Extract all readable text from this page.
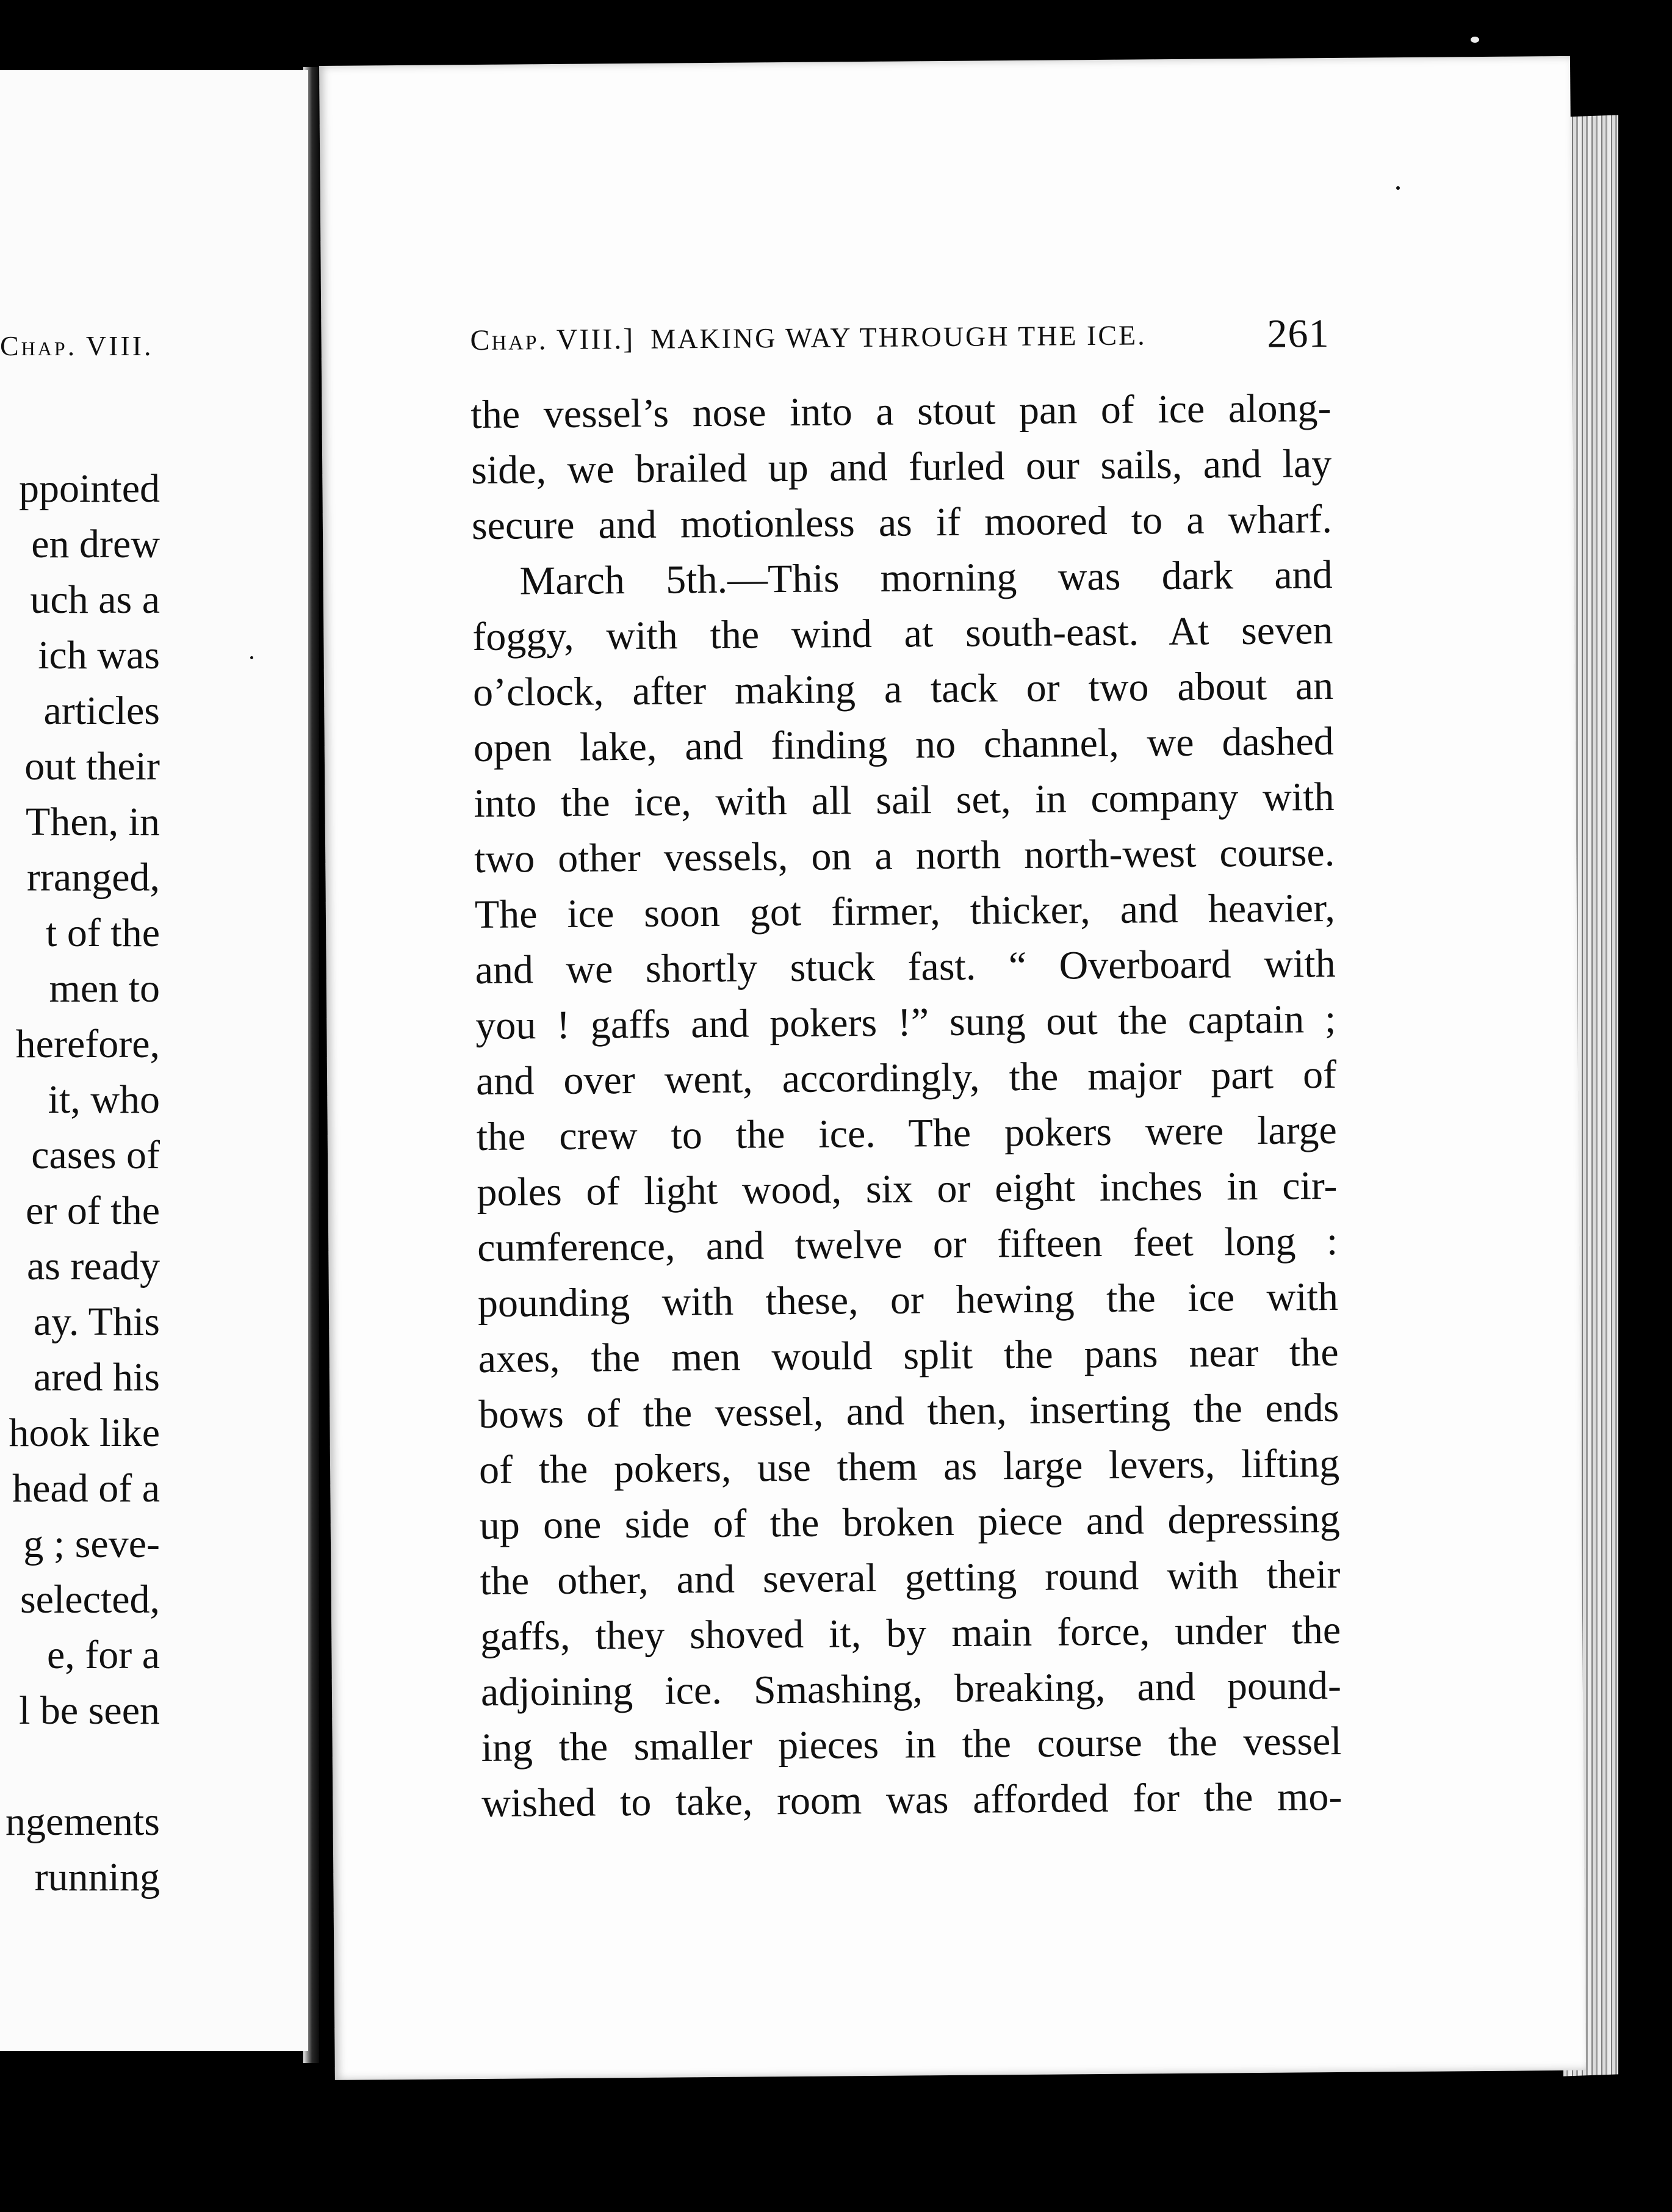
Chap. VIII.
ppointed
en drew
uch as a
ich was
articles
out their
Then, in
rranged,
t of the
men to
herefore,
it, who
cases of
er of the
as ready
ay. This
ared his
hook like
head of a
g ; seve-
selected,
e, for a
l be seen
ngements
running
Chap. VIII.] MAKING WAY THROUGH THE ICE.	261
the vessel’s nose into a stout pan of ice along-
side, we brailed up and furled our sails, and lay
secure and motionless as if moored to a wharf.
March 5th.—This morning was dark and
foggy, with the wind at south-east. At seven
o’clock, after making a tack or two about an
open lake, and finding no channel, we dashed
into the ice, with all sail set, in company with
two other vessels, on a north north-west course.
The ice soon got firmer, thicker, and heavier,
and we shortly stuck fast. “ Overboard with
you ! gaffs and pokers !” sung out the captain ;
and over went, accordingly, the major part of
the crew to the ice. The pokers were large
poles of light wood, six or eight inches in cir-
cumference, and twelve or fifteen feet long :
pounding with these, or hewing the ice with
axes, the men would split the pans near the
bows of the vessel, and then, inserting the ends
of the pokers, use them as large levers, lifting
up one side of the broken piece and depressing
the other, and several getting round with their
gaffs, they shoved it, by main force, under the
adjoining ice. Smashing, breaking, and pound-
ing the smaller pieces in the course the vessel
wished to take, room was afforded for the mo-
